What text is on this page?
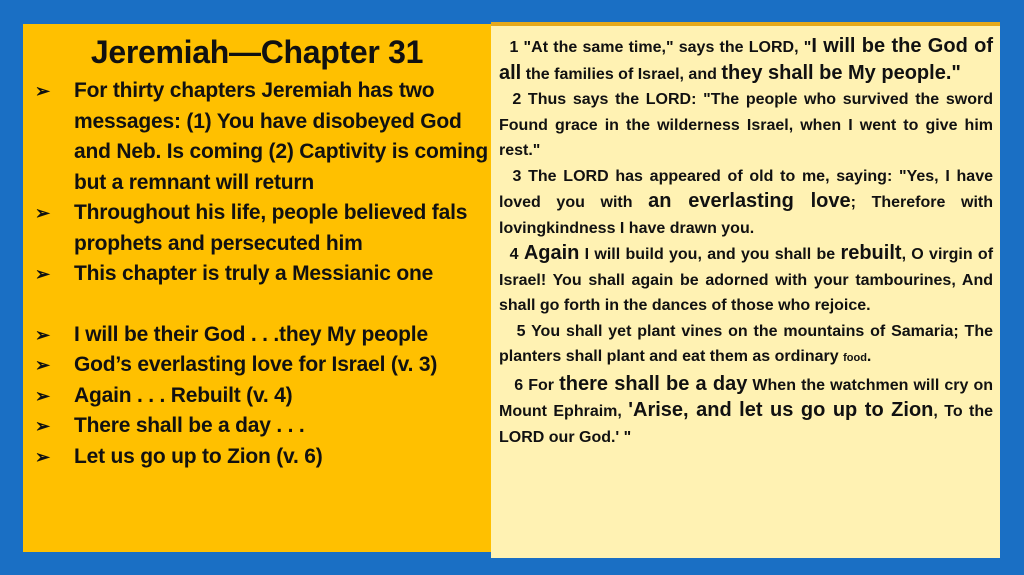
Jeremiah—Chapter 31
➢ For thirty chapters Jeremiah has two messages: (1) You have disobeyed God and Neb. Is coming (2) Captivity is coming but a remnant will return
➢ Throughout his life, people believed fals prophets and persecuted him
➢ This chapter is truly a Messianic one
➢ I will be their God . . .they My people
➢ God’s everlasting love for Israel (v. 3)
➢ Again . . . Rebuilt (v. 4)
➢ There shall be a day . . .
➢ Let us go up to Zion (v. 6)

1 "At the same time," says the LORD, "I will be the God of all the families of Israel, and they shall be My people."

2 Thus says the LORD: "The people who survived the sword Found grace in the wilderness Israel, when I went to give him rest."

3 The LORD has appeared of old to me, saying: "Yes, I have loved you with an everlasting love; Therefore with lovingkindness I have drawn you.

4 Again I will build you, and you shall be rebuilt, O virgin of Israel! You shall again be adorned with your tambourines, And shall go forth in the dances of those who rejoice.

5 You shall yet plant vines on the mountains of Samaria; The planters shall plant and eat them as ordinary food.

6 For there shall be a day When the watchmen will cry on Mount Ephraim, 'Arise, and let us go up to Zion, To the LORD our God.' "
